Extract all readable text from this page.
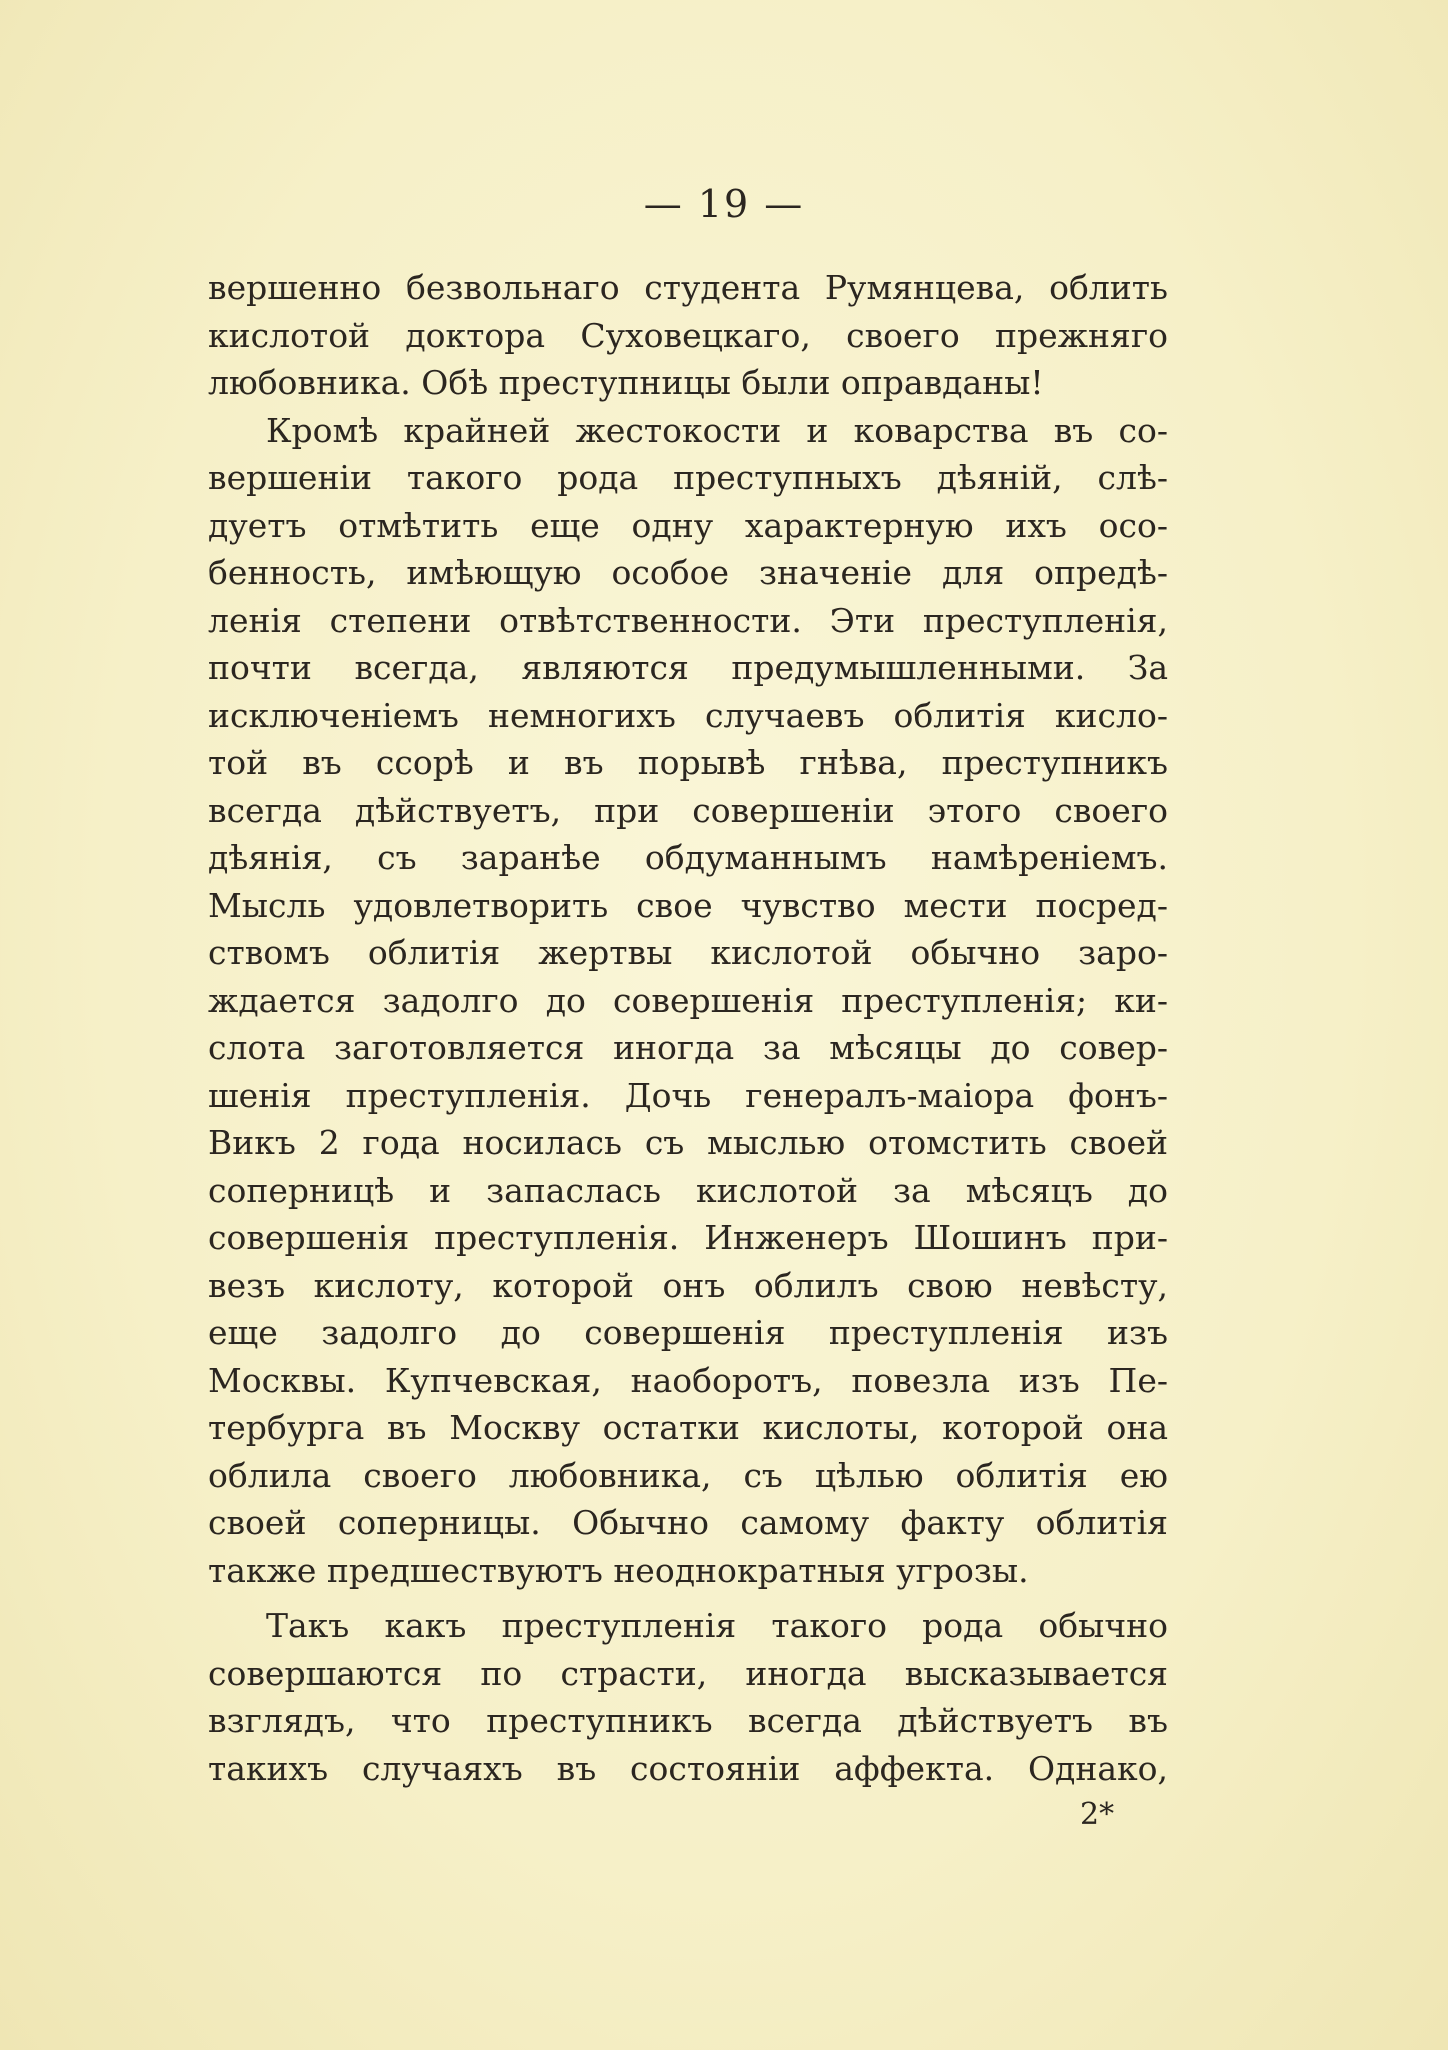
— 19 —
вершенно безвольнаго студента Румянцева, облить
кислотой доктора Суховецкаго, своего прежняго
любовника. Обѣ преступницы были оправданы!
Кромѣ крайней жестокости и коварства въ со-
вершенiи такого рода преступныхъ дѣянiй, слѣ-
дуетъ отмѣтить еще одну характерную ихъ осо-
бенность, имѣющую особое значенiе для опредѣ-
ленiя степени отвѣтственности. Эти преступленiя,
почти всегда, являются предумышленными. За
исключенiемъ немногихъ случаевъ облитiя кисло-
той въ ссорѣ и въ порывѣ гнѣва, преступникъ
всегда дѣйствуетъ, при совершенiи этого своего
дѣянiя, съ заранѣе обдуманнымъ намѣренiемъ.
Мысль удовлетворить свое чувство мести посред-
ствомъ облитiя жертвы кислотой обычно заро-
ждается задолго до совершенiя преступленiя; ки-
слота заготовляется иногда за мѣсяцы до совер-
шенiя преступленiя. Дочь генералъ-маiора фонъ-
Викъ 2 года носилась съ мыслью отомстить своей
соперницѣ и запаслась кислотой за мѣсяцъ до
совершенiя преступленiя. Инженеръ Шошинъ при-
везъ кислоту, которой онъ облилъ свою невѣсту,
еще задолго до совершенiя преступленiя изъ
Москвы. Купчевская, наоборотъ, повезла изъ Пе-
тербурга въ Москву остатки кислоты, которой она
облила своего любовника, съ цѣлью облитiя ею
своей соперницы. Обычно самому факту облитiя
также предшествуютъ неоднократныя угрозы.
Такъ какъ преступленiя такого рода обычно
совершаются по страсти, иногда высказывается
взглядъ, что преступникъ всегда дѣйствуетъ въ
такихъ случаяхъ въ состоянiи аффекта. Однако,
2*
